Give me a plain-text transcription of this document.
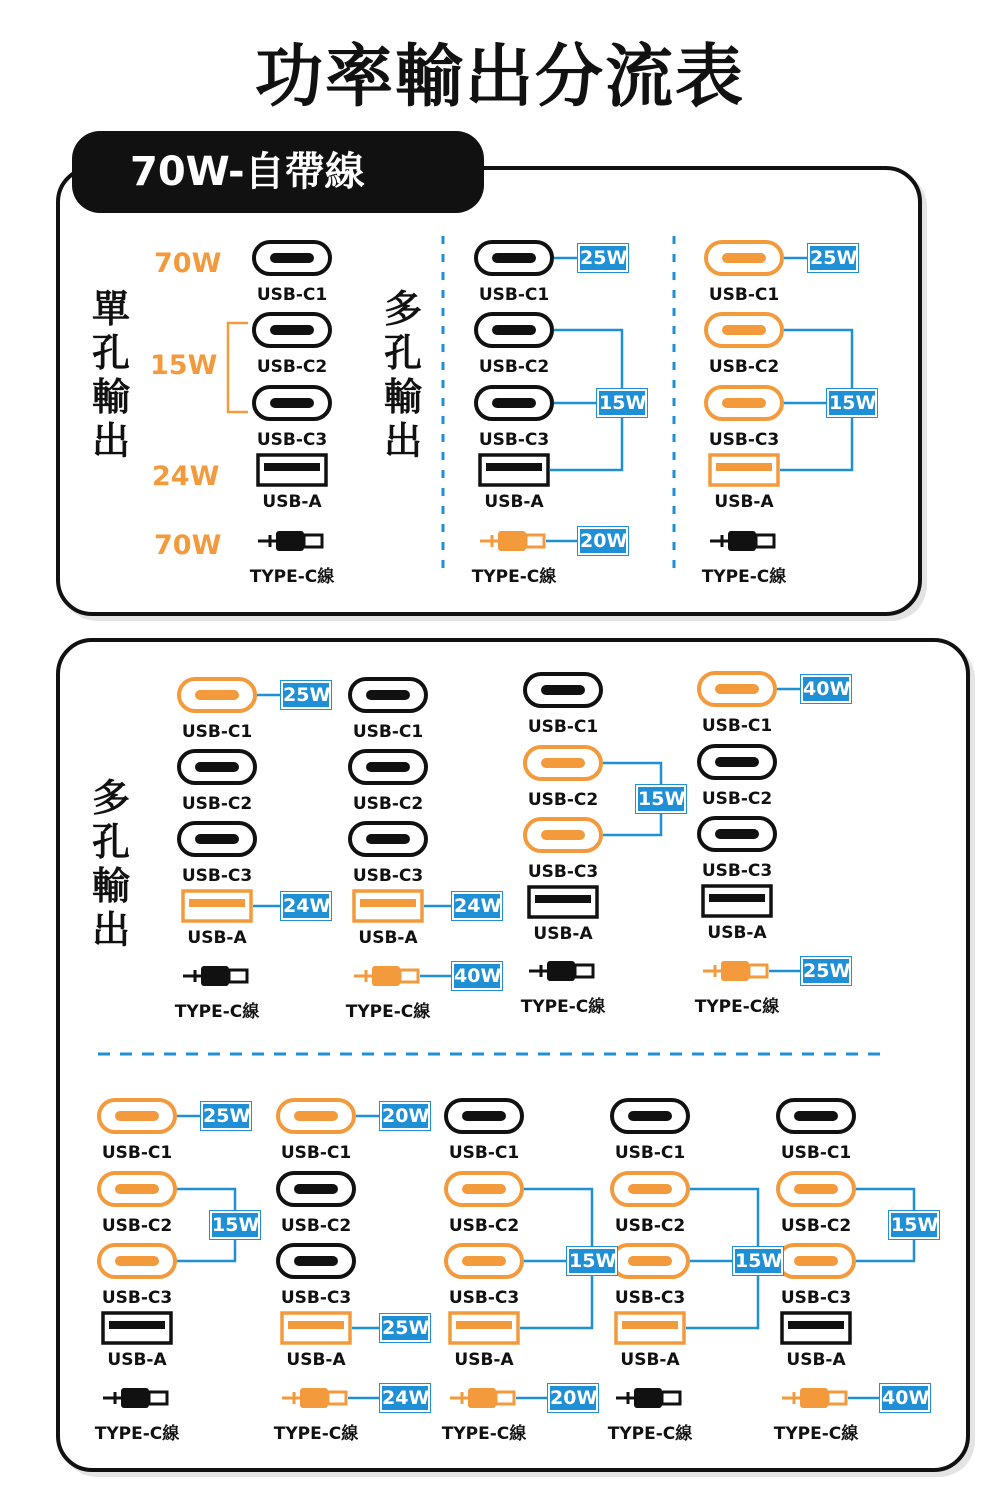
功率輸出分流表
70W-自帶線
單
孔
輸
出
多
孔
輸
出
多
孔
輸
出
70W
15W
24W
70W
USB-C1
USB-C2
USB-C3
USB-A
TYPE-C線
USB-C1
USB-C2
USB-C3
USB-A
TYPE-C線
25W
20W
15W
USB-C1
USB-C2
USB-C3
USB-A
TYPE-C線
25W
15W
USB-C1
USB-C2
USB-C3
USB-A
TYPE-C線
25W
24W
USB-C1
USB-C2
USB-C3
USB-A
TYPE-C線
24W
40W
USB-C1
USB-C2
USB-C3
USB-A
TYPE-C線
15W
USB-C1
USB-C2
USB-C3
USB-A
TYPE-C線
40W
25W
USB-C1
USB-C2
USB-C3
USB-A
TYPE-C線
25W
15W
USB-C1
USB-C2
USB-C3
USB-A
TYPE-C線
20W
25W
24W
USB-C1
USB-C2
USB-C3
USB-A
TYPE-C線
20W
15W
USB-C1
USB-C2
USB-C3
USB-A
TYPE-C線
15W
USB-C1
USB-C2
USB-C3
USB-A
TYPE-C線
40W
15W
